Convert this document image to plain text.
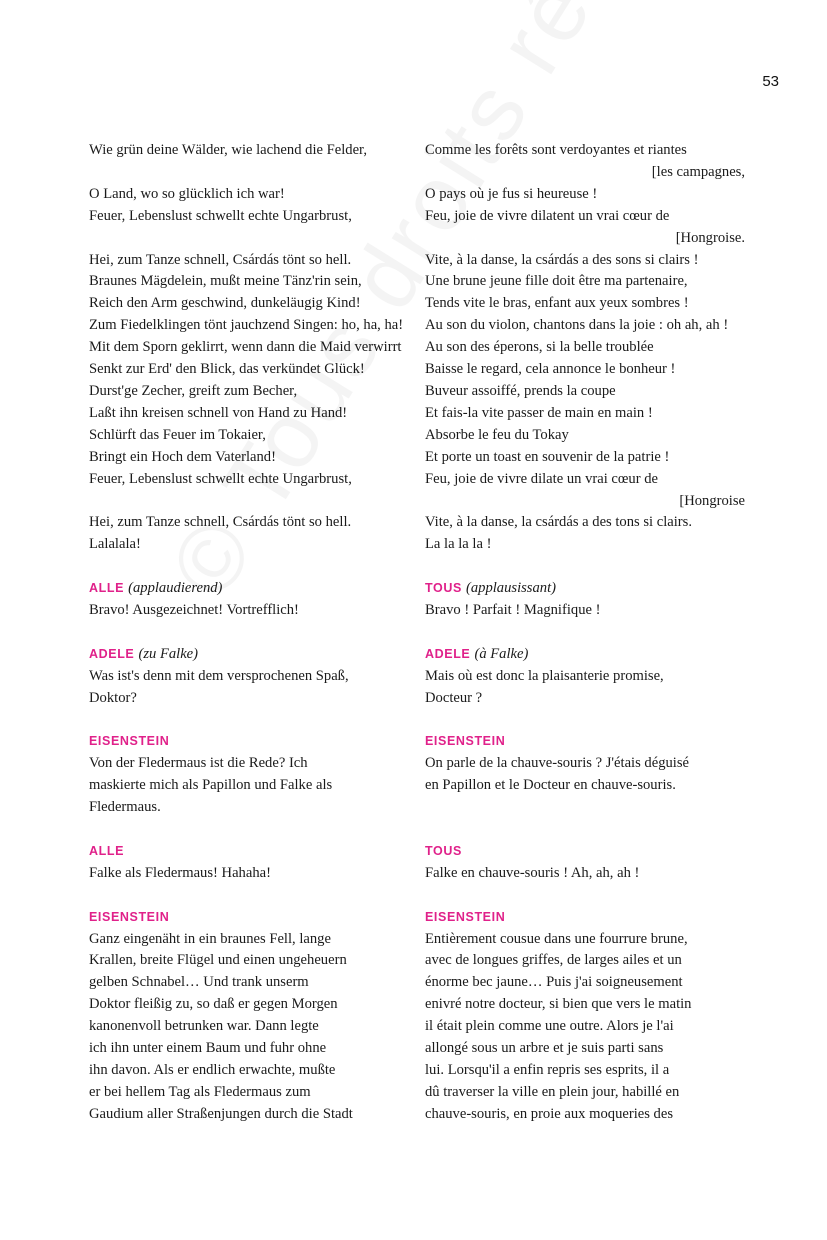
53
Wie grün deine Wälder, wie lachend die Felder,
O Land, wo so glücklich ich war!
Feuer, Lebenslust schwellt echte Ungarbrust,
Hei, zum Tanze schnell, Csárdás tönt so hell.
Braunes Mägdelein, mußt meine Tänz'rin sein,
Reich den Arm geschwind, dunkeläugig Kind!
Zum Fiedelklingen tönt jauchzend Singen: ho, ha, ha!
Mit dem Sporn geklirrt, wenn dann die Maid verwirrt
Senkt zur Erd' den Blick, das verkündet Glück!
Durst'ge Zecher, greift zum Becher,
Laßt ihn kreisen schnell von Hand zu Hand!
Schlürft das Feuer im Tokaier,
Bringt ein Hoch dem Vaterland!
Feuer, Lebenslust schwellt echte Ungarbrust,
Hei, zum Tanze schnell, Csárdás tönt so hell.
Lalalala!
ALLE (applaudierend)
Bravo! Ausgezeichnet! Vortrefflich!
ADELE (zu Falke)
Was ist's denn mit dem versprochenen Spaß,
Doktor?
EISENSTEIN
Von der Fledermaus ist die Rede? Ich
maskierte mich als Papillon und Falke als
Fledermaus.
ALLE
Falke als Fledermaus! Hahaha!
EISENSTEIN
Ganz eingenäht in ein braunes Fell, lange
Krallen, breite Flügel und einen ungeheuern
gelben Schnabel… Und trank unserm
Doktor fleißig zu, so daß er gegen Morgen
kanonenvoll betrunken war. Dann legte
ich ihn unter einem Baum und fuhr ohne
ihn davon. Als er endlich erwachte, mußte
er bei hellem Tag als Fledermaus zum
Gaudium aller Straßenjungen durch die Stadt
Comme les forêts sont verdoyantes et riantes
[les campagnes,
O pays où je fus si heureuse !
Feu, joie de vivre dilatent un vrai cœur de
[Hongroise.
Vite, à la danse, la csárdás a des sons si clairs !
Une brune jeune fille doit être ma partenaire,
Tends vite le bras, enfant aux yeux sombres !
Au son du violon, chantons dans la joie : oh ah, ah !
Au son des éperons, si la belle troublée
Baisse le regard, cela annonce le bonheur !
Buveur assoiffé, prends la coupe
Et fais-la vite passer de main en main !
Absorbe le feu du Tokay
Et porte un toast en souvenir de la patrie !
Feu, joie de vivre dilate un vrai cœur de
[Hongroise
Vite, à la danse, la csárdás a des tons si clairs.
La la la la !
TOUS (applausissant)
Bravo ! Parfait ! Magnifique !
ADELE (à Falke)
Mais où est donc la plaisanterie promise,
Docteur ?
EISENSTEIN
On parle de la chauve-souris ? J'étais déguisé
en Papillon et le Docteur en chauve-souris.
TOUS
Falke en chauve-souris ! Ah, ah, ah !
EISENSTEIN
Entièrement cousue dans une fourrure brune,
avec de longues griffes, de larges ailes et un
énorme bec jaune… Puis j'ai soigneusement
enivré notre docteur, si bien que vers le matin
il était plein comme une outre. Alors je l'ai
allongé sous un arbre et je suis parti sans
lui. Lorsqu'il a enfin repris ses esprits, il a
dû traverser la ville en plein jour, habillé en
chauve-souris, en proie aux moqueries des
